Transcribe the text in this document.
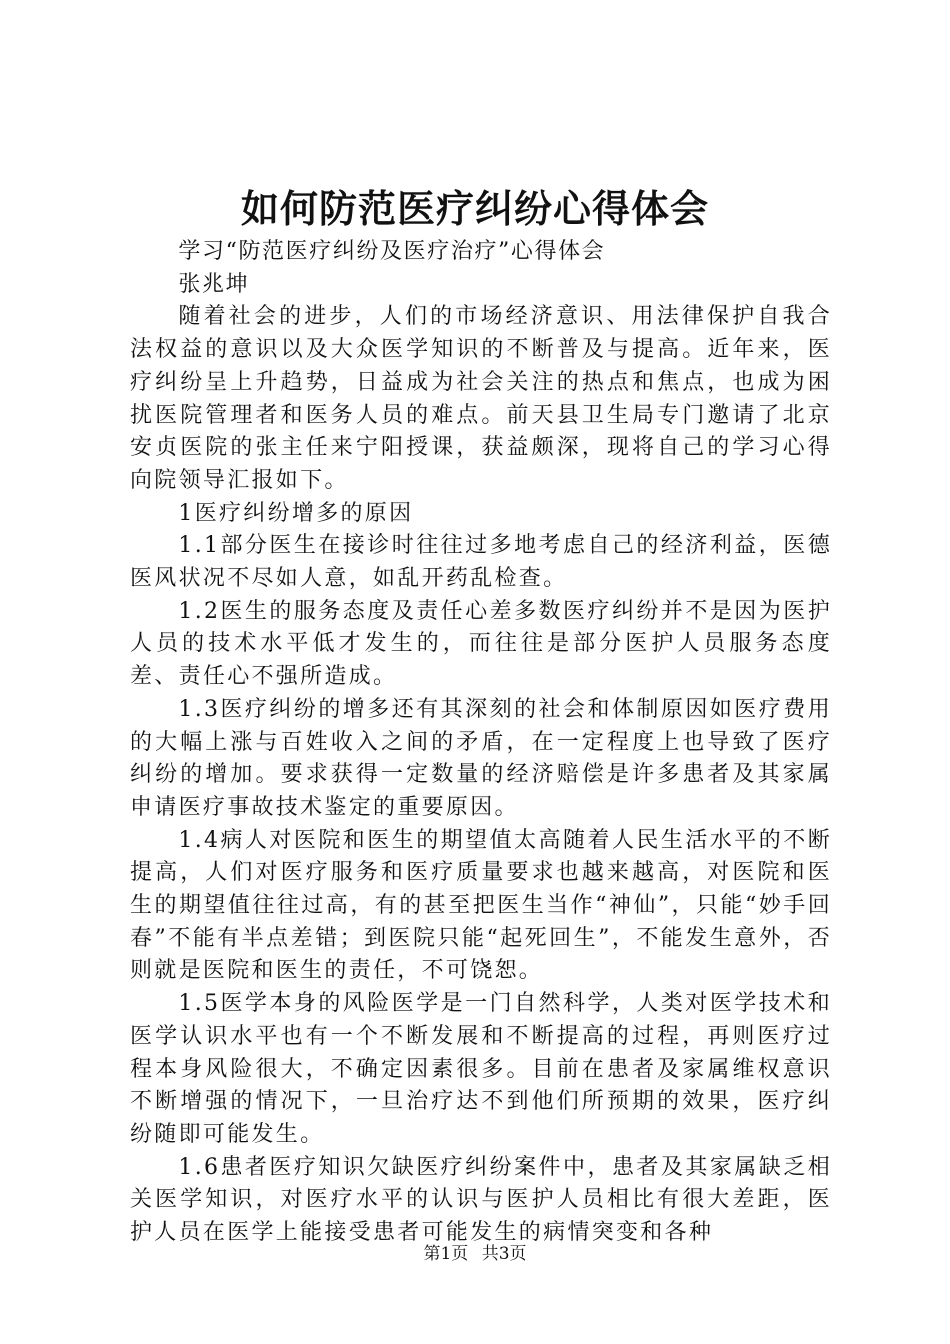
如何防范医疗纠纷心得体会

学习“防范医疗纠纷及医疗治疗”心得体会

张兆坤

随着社会的进步，人们的市场经济意识、用法律保护自我合法权益的意识以及大众医学知识的不断普及与提高。近年来，医疗纠纷呈上升趋势，日益成为社会关注的热点和焦点，也成为困扰医院管理者和医务人员的难点。前天县卫生局专门邀请了北京安贞医院的张主任来宁阳授课，获益颇深，现将自己的学习心得向院领导汇报如下。

1医疗纠纷增多的原因

1.1部分医生在接诊时往往过多地考虑自己的经济利益，医德医风状况不尽如人意，如乱开药乱检查。

1.2医生的服务态度及责任心差多数医疗纠纷并不是因为医护人员的技术水平低才发生的，而往往是部分医护人员服务态度差、责任心不强所造成。

1.3医疗纠纷的增多还有其深刻的社会和体制原因如医疗费用的大幅上涨与百姓收入之间的矛盾，在一定程度上也导致了医疗纠纷的增加。要求获得一定数量的经济赔偿是许多患者及其家属申请医疗事故技术鉴定的重要原因。

1.4病人对医院和医生的期望值太高随着人民生活水平的不断提高，人们对医疗服务和医疗质量要求也越来越高，对医院和医生的期望值往往过高，有的甚至把医生当作“神仙”，只能“妙手回春”不能有半点差错；到医院只能“起死回生”，不能发生意外，否则就是医院和医生的责任，不可饶恕。

1.5医学本身的风险医学是一门自然科学，人类对医学技术和医学认识水平也有一个不断发展和不断提高的过程，再则医疗过程本身风险很大，不确定因素很多。目前在患者及家属维权意识不断增强的情况下，一旦治疗达不到他们所预期的效果，医疗纠纷随即可能发生。

1.6患者医疗知识欠缺医疗纠纷案件中，患者及其家属缺乏相关医学知识，对医疗水平的认识与医护人员相比有很大差距，医护人员在医学上能接受患者可能发生的病情突变和各种

第1页 共3页
